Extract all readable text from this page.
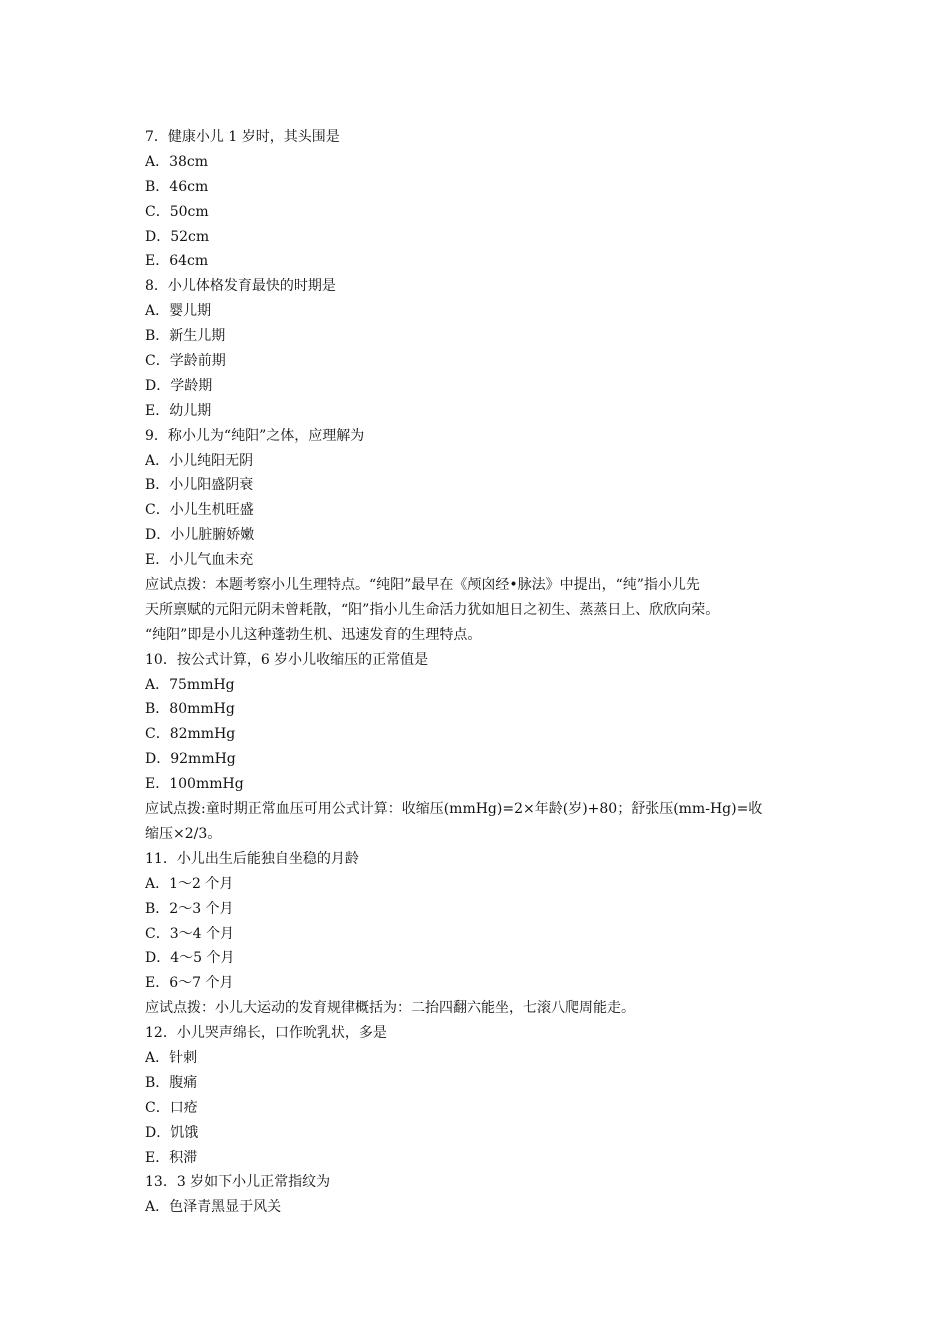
7．健康小儿 1 岁时，其头围是
A．38cm
B．46cm
C．50cm
D．52cm
E．64cm
8．小儿体格发育最快的时期是
A．婴儿期
B．新生儿期
C．学龄前期
D．学龄期
E．幼儿期
9．称小儿为“纯阳”之体，应理解为
A．小儿纯阳无阴
B．小儿阳盛阴衰
C．小儿生机旺盛
D．小儿脏腑娇嫩
E．小儿气血未充
应试点拨：本题考察小儿生理特点。“纯阳”最早在《颅囟经•脉法》中提出，“纯”指小儿先
天所禀赋的元阳元阴未曾耗散，“阳”指小儿生命活力犹如旭日之初生、蒸蒸日上、欣欣向荣。
“纯阳”即是小儿这种蓬勃生机、迅速发育的生理特点。
10．按公式计算，6 岁小儿收缩压的正常值是
A．75mmHg
B．80mmHg
C．82mmHg
D．92mmHg
E．100mmHg
应试点拨:童时期正常血压可用公式计算：收缩压(mmHg)=2×年龄(岁)+80；舒张压(mm-Hg)=收
缩压×2/3。
11．小儿出生后能独自坐稳的月龄
A．1～2 个月
B．2～3 个月
C．3～4 个月
D．4～5 个月
E．6～7 个月
应试点拨：小儿大运动的发育规律概括为：二抬四翻六能坐，七滚八爬周能走。
12．小儿哭声绵长，口作吮乳状，多是
A．针刺
B．腹痛
C．口疮
D．饥饿
E．积滞
13．3 岁如下小儿正常指纹为
A．色泽青黑显于风关
